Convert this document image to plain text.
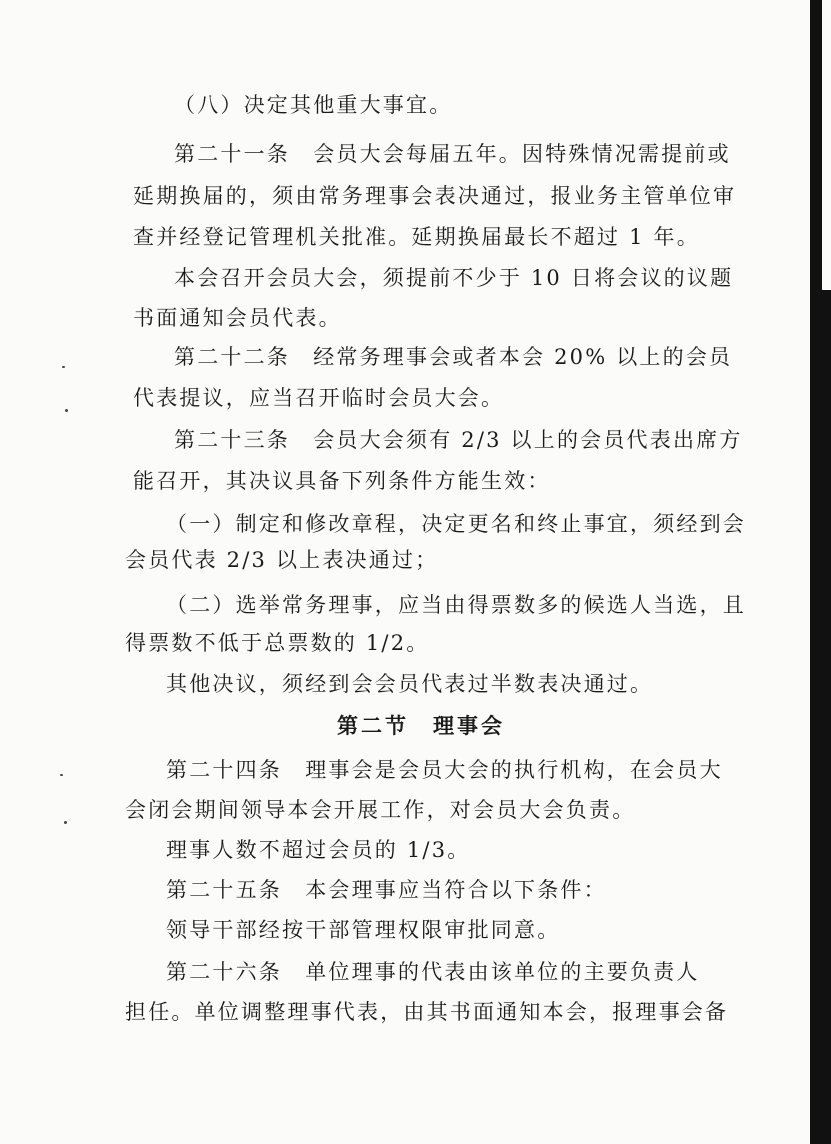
（八）决定其他重大事宜。
第二十一条　会员大会每届五年。因特殊情况需提前或
延期换届的，须由常务理事会表决通过，报业务主管单位审
查并经登记管理机关批准。延期换届最长不超过 1 年。
本会召开会员大会，须提前不少于 10 日将会议的议题
书面通知会员代表。
第二十二条　经常务理事会或者本会 20% 以上的会员
代表提议，应当召开临时会员大会。
第二十三条　会员大会须有 2/3 以上的会员代表出席方
能召开，其决议具备下列条件方能生效：
（一）制定和修改章程，决定更名和终止事宜，须经到会
会员代表 2/3 以上表决通过；
（二）选举常务理事，应当由得票数多的候选人当选，且
得票数不低于总票数的 1/2。
其他决议，须经到会会员代表过半数表决通过。
第二节　理事会
第二十四条　理事会是会员大会的执行机构，在会员大
会闭会期间领导本会开展工作，对会员大会负责。
理事人数不超过会员的 1/3。
第二十五条　本会理事应当符合以下条件：
领导干部经按干部管理权限审批同意。
第二十六条　单位理事的代表由该单位的主要负责人
担任。单位调整理事代表，由其书面通知本会，报理事会备
